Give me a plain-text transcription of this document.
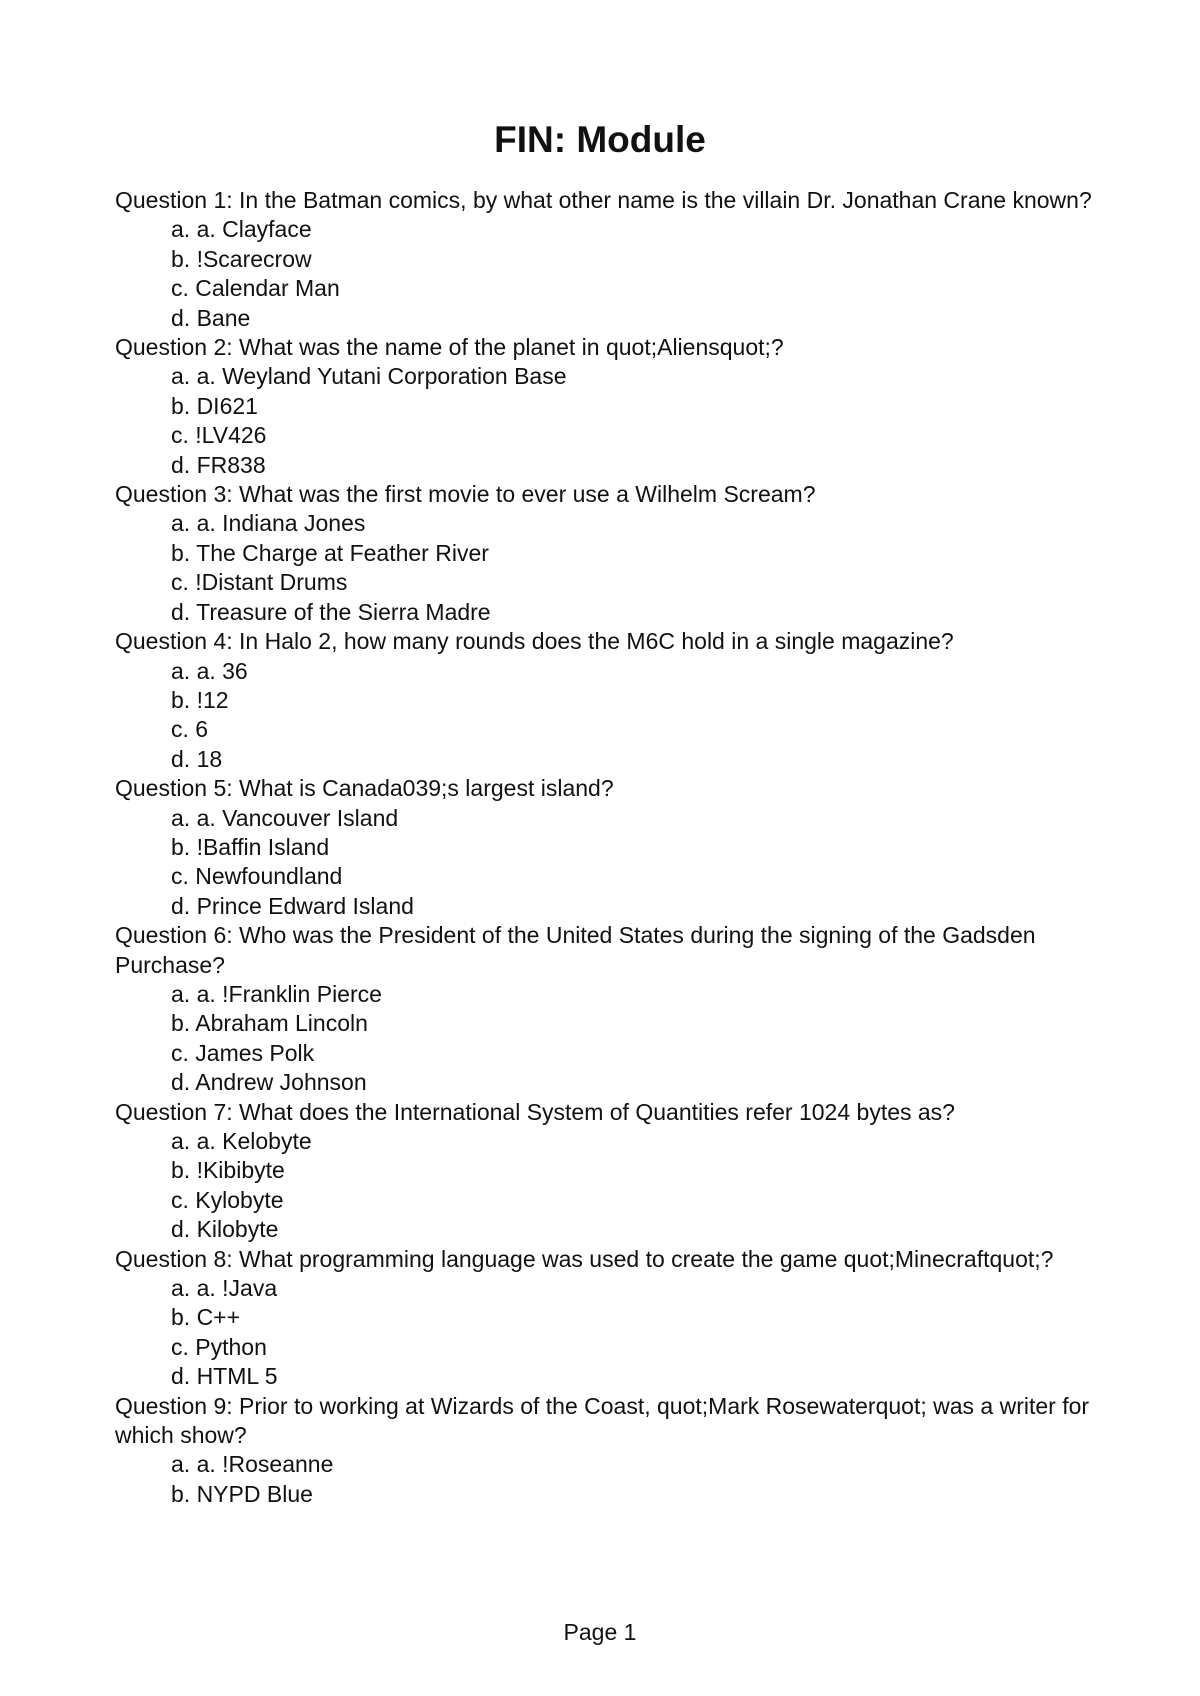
FIN: Module

Question 1: In the Batman comics, by what other name is the villain Dr. Jonathan Crane known?

a. a. Clayface
b. !Scarecrow
c. Calendar Man
d. Bane

Question 2: What was the name of the planet in quot;Aliensquot;?

a. a. Weyland Yutani Corporation Base
b. DI621
c. !LV426
d. FR838

Question 3: What was the first movie to ever use a Wilhelm Scream?

a. a. Indiana Jones
b. The Charge at Feather River
c. !Distant Drums
d. Treasure of the Sierra Madre

Question 4: In Halo 2, how many rounds does the M6C hold in a single magazine?

a. a. 36
b. !12
c. 6
d. 18

Question 5: What is Canada039;s largest island?

a. a. Vancouver Island
b. !Baffin Island
c. Newfoundland
d. Prince Edward Island

Question 6: Who was the President of the United States during the signing of the Gadsden Purchase?

a. a. !Franklin Pierce
b. Abraham Lincoln
c. James Polk
d. Andrew Johnson

Question 7: What does the International System of Quantities refer 1024 bytes as?

a. a. Kelobyte
b. !Kibibyte
c. Kylobyte
d. Kilobyte

Question 8: What programming language was used to create the game quot;Minecraftquot;?

a. a. !Java
b. C++
c. Python
d. HTML 5

Question 9: Prior to working at Wizards of the Coast, quot;Mark Rosewaterquot; was a writer for which show?

a. a. !Roseanne
b. NYPD Blue
Page 1
